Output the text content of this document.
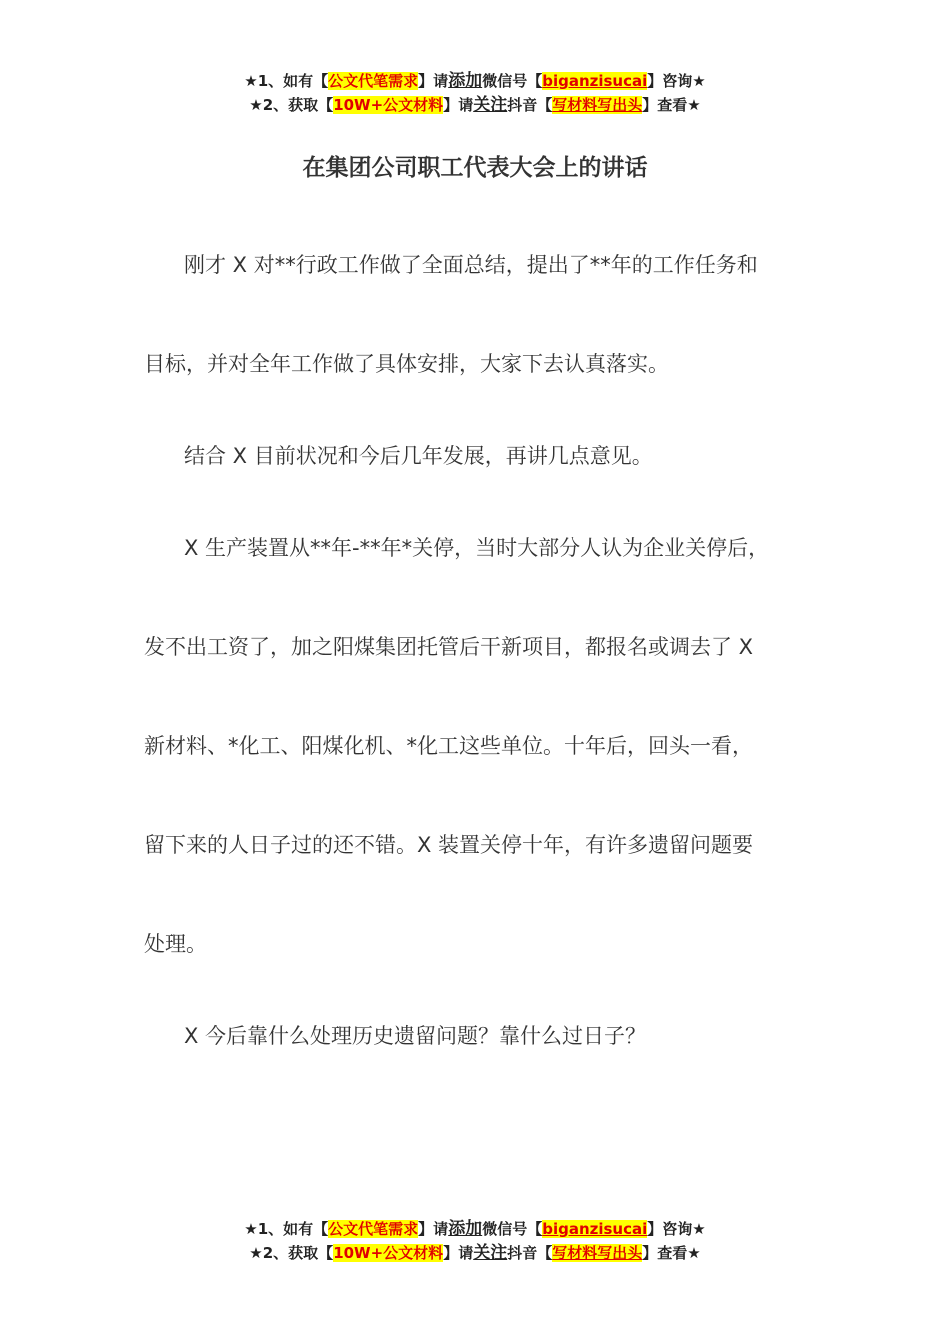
★1、如有【公文代笔需求】请添加微信号【biganzisucai】咨询★
★2、获取【10W+公文材料】请关注抖音【写材料写出头】查看★
在集团公司职工代表大会上的讲话
刚才 X 对**行政工作做了全面总结，提出了**年的工作任务和
目标，并对全年工作做了具体安排，大家下去认真落实。
结合 X 目前状况和今后几年发展，再讲几点意见。
X 生产装置从**年-**年*关停，当时大部分人认为企业关停后，
发不出工资了，加之阳煤集团托管后干新项目，都报名或调去了 X
新材料、*化工、阳煤化机、*化工这些单位。十年后，回头一看，
留下来的人日子过的还不错。X 装置关停十年，有许多遗留问题要
处理。
X 今后靠什么处理历史遗留问题？靠什么过日子？
★1、如有【公文代笔需求】请添加微信号【biganzisucai】咨询★
★2、获取【10W+公文材料】请关注抖音【写材料写出头】查看★
